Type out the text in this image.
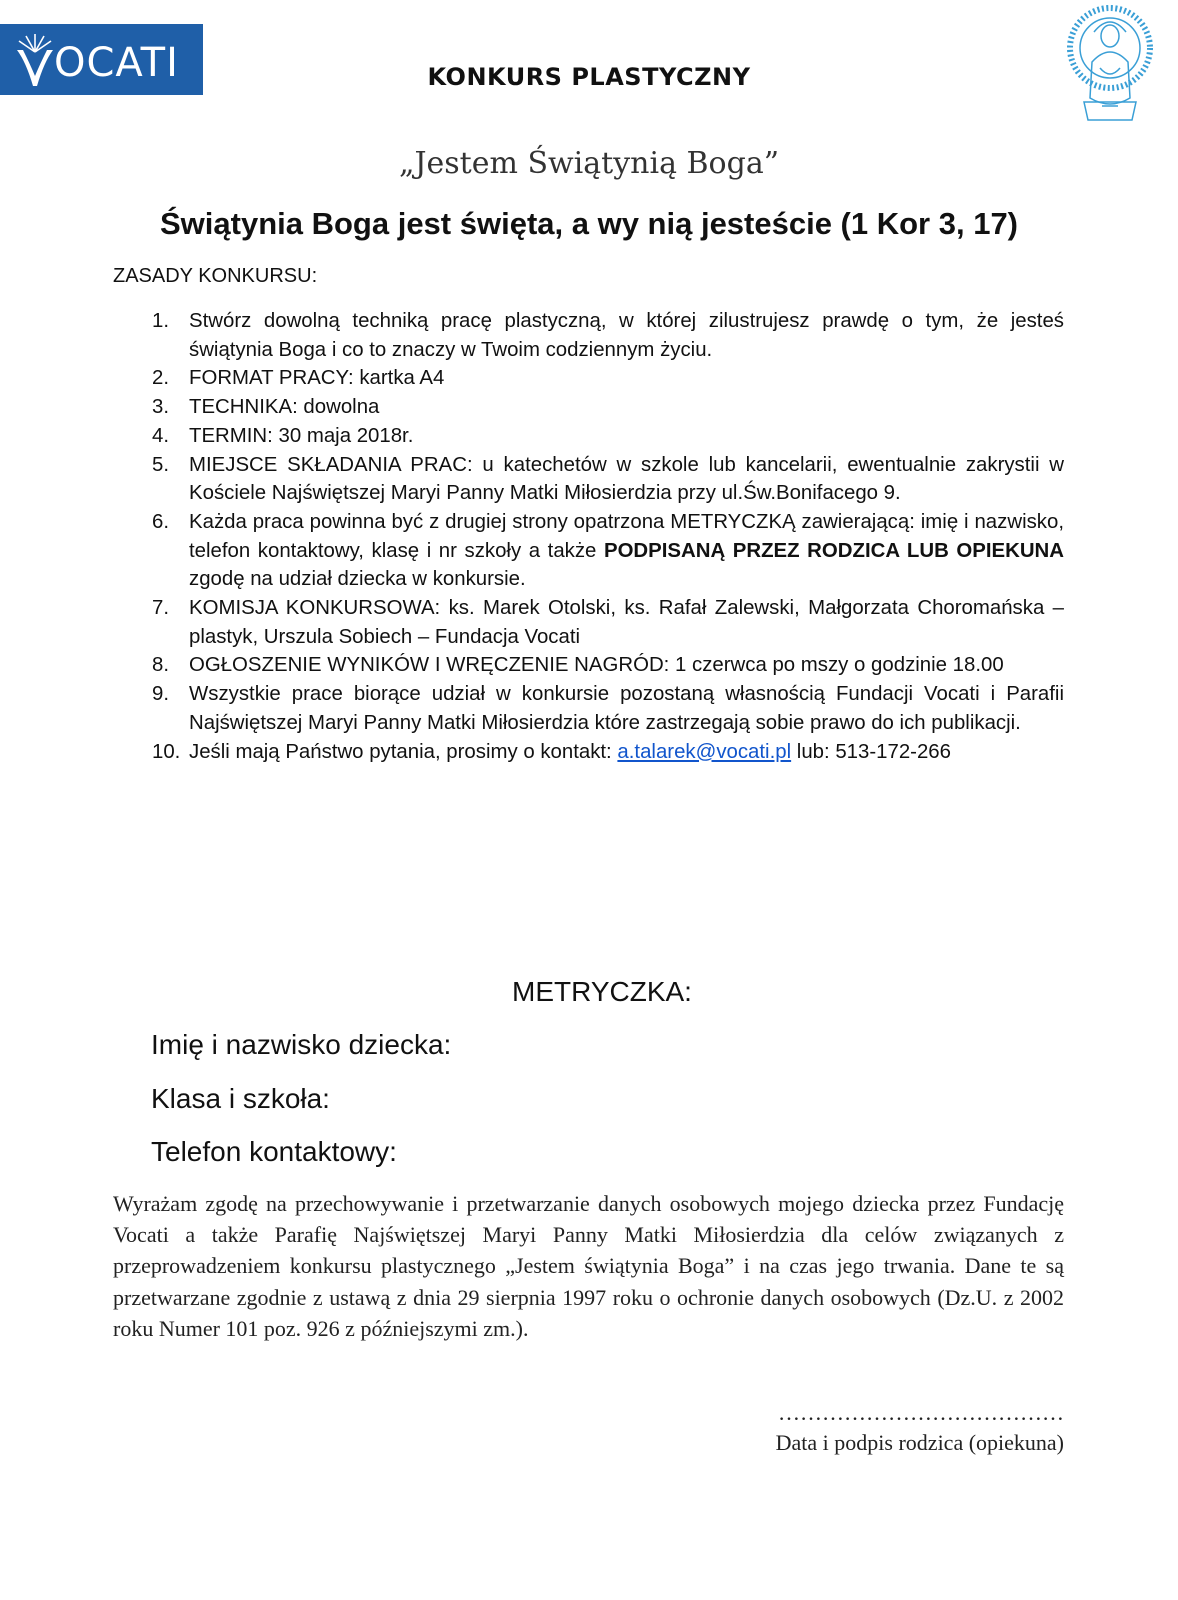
OCATI	KONKURS PLASTYCZNY
„Jestem Świątynią Boga”
Świątynia Boga jest święta, a wy nią jesteście (1 Kor 3, 17)
ZASADY KONKURSU:
1. Stwórz dowolną techniką pracę plastyczną, w której zilustrujesz prawdę o tym, że jesteś świątynia Boga i co to znaczy w Twoim codziennym życiu.
2. FORMAT PRACY: kartka A4
3. TECHNIKA: dowolna
4. TERMIN: 30 maja 2018r.
5. MIEJSCE SKŁADANIA PRAC: u katechetów w szkole lub kancelarii, ewentualnie zakrystii w Kościele Najświętszej Maryi Panny Matki Miłosierdzia przy ul.Św.Bonifacego 9.
6. Każda praca powinna być z drugiej strony opatrzona METRYCZKĄ zawierającą: imię i nazwisko, telefon kontaktowy, klasę i nr szkoły a także PODPISANĄ PRZEZ RODZICA LUB OPIEKUNA zgodę na udział dziecka w konkursie.
7. KOMISJA KONKURSOWA: ks. Marek Otolski, ks. Rafał Zalewski, Małgorzata Choromańska – plastyk, Urszula Sobiech – Fundacja Vocati
8. OGŁOSZENIE WYNIKÓW I WRĘCZENIE NAGRÓD: 1 czerwca po mszy o godzinie 18.00
9. Wszystkie prace biorące udział w konkursie pozostaną własnością Fundacji Vocati i Parafii Najświętszej Maryi Panny Matki Miłosierdzia które zastrzegają sobie prawo do ich publikacji.
10. Jeśli mają Państwo pytania, prosimy o kontakt: a.talarek@vocati.pl lub: 513-172-266
METRYCZKA:
Imię i nazwisko dziecka:
Klasa i szkoła:
Telefon kontaktowy:
Wyrażam zgodę na przechowywanie i przetwarzanie danych osobowych mojego dziecka przez Fundację Vocati a także Parafię Najświętszej Maryi Panny Matki Miłosierdzia dla celów związanych z przeprowadzeniem konkursu plastycznego „Jestem świątynia Boga” i na czas jego trwania. Dane te są przetwarzane zgodnie z ustawą z dnia 29 sierpnia 1997 roku o ochronie danych osobowych (Dz.U. z 2002 roku Numer 101 poz. 926 z późniejszymi zm.).
…………………………………
Data i podpis rodzica (opiekuna)
